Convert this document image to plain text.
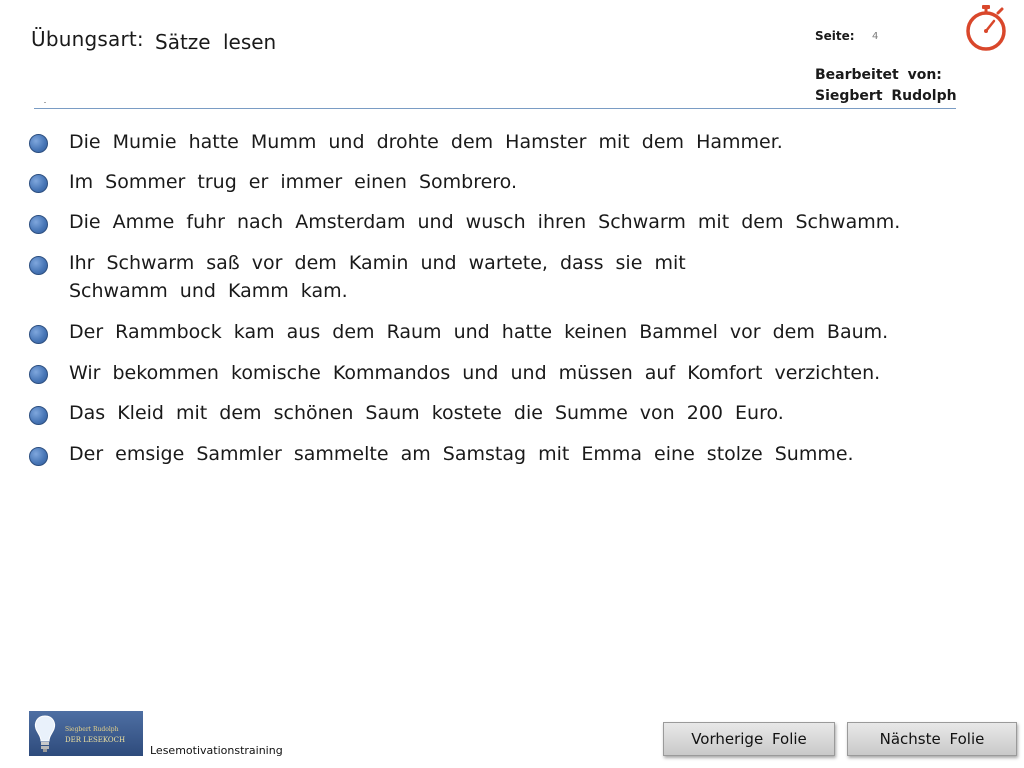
Übungsart: Sätze lesen	Seite: 4
Bearbeitet von:
Siegbert Rudolph
Die Mumie hatte Mumm und drohte dem Hamster mit dem Hammer.
Im Sommer trug er immer einen Sombrero.
Die Amme fuhr nach Amsterdam und wusch ihren Schwarm mit dem Schwamm.
Ihr Schwarm saß vor dem Kamin und wartete, dass sie mit
Schwamm und Kamm kam.
Der Rammbock kam aus dem Raum und hatte keinen Bammel vor dem Baum.
Wir bekommen komische Kommandos und und müssen auf Komfort verzichten.
Das Kleid mit dem schönen Saum kostete die Summe von 200 Euro.
Der emsige Sammler sammelte am Samstag mit Emma eine stolze Summe.
Siegbert Rudolph
DER LESEKOCH
Lesemotivationstraining
Vorherige Folie	Nächste Folie
